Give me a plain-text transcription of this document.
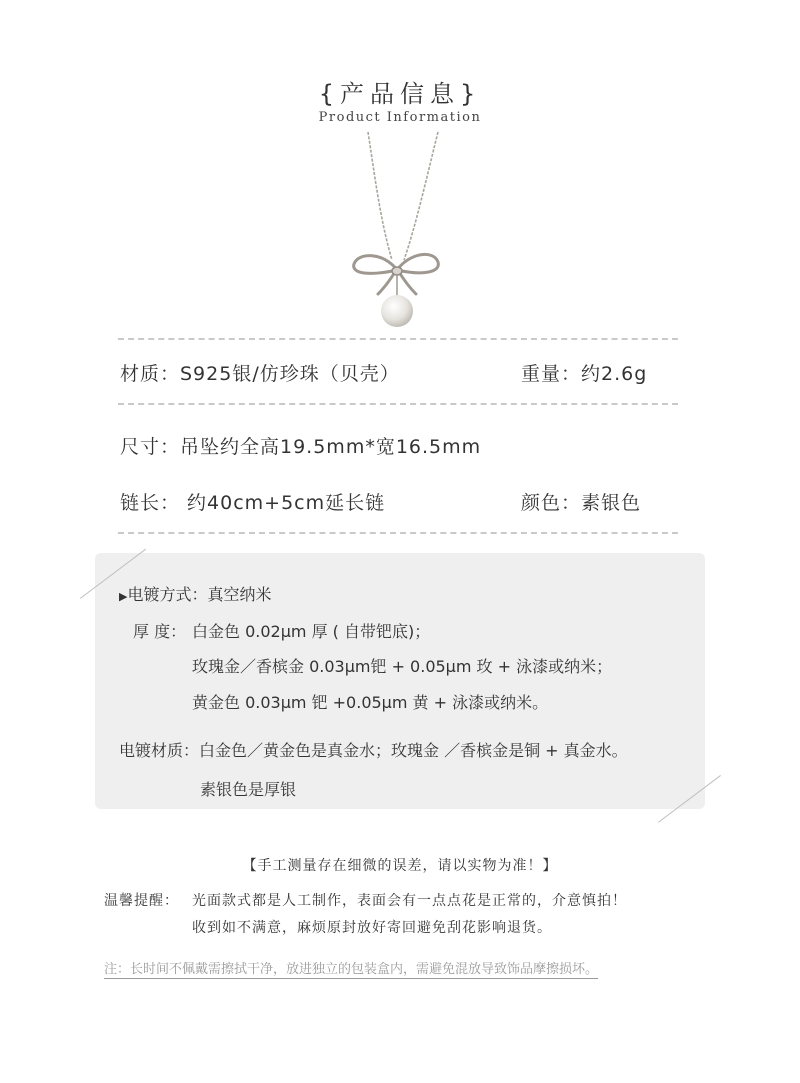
{产品信息}
Product Information
材质：S925银/仿珍珠（贝壳）	重量：约2.6g
尺寸：吊坠约全高19.5mm*宽16.5mm
链长： 约40cm+5cm延长链	颜色：素银色
▶电镀方式：真空纳米
厚 度： 白金色 0.02μm 厚 ( 自带钯底)；
玫瑰金／香槟金 0.03μm钯 + 0.05μm 玫 + 泳漆或纳米；
黄金色 0.03μm 钯 +0.05μm 黄 + 泳漆或纳米。
电镀材质：白金色／黄金色是真金水；玫瑰金 ／香槟金是铜 + 真金水。
素银色是厚银
【手工测量存在细微的误差，请以实物为准！】
温馨提醒： 光面款式都是人工制作，表面会有一点点花是正常的，介意慎拍！
收到如不满意，麻烦原封放好寄回避免刮花影响退货。
注：长时间不佩戴需擦拭干净，放进独立的包装盒内，需避免混放导致饰品摩擦损坏。
